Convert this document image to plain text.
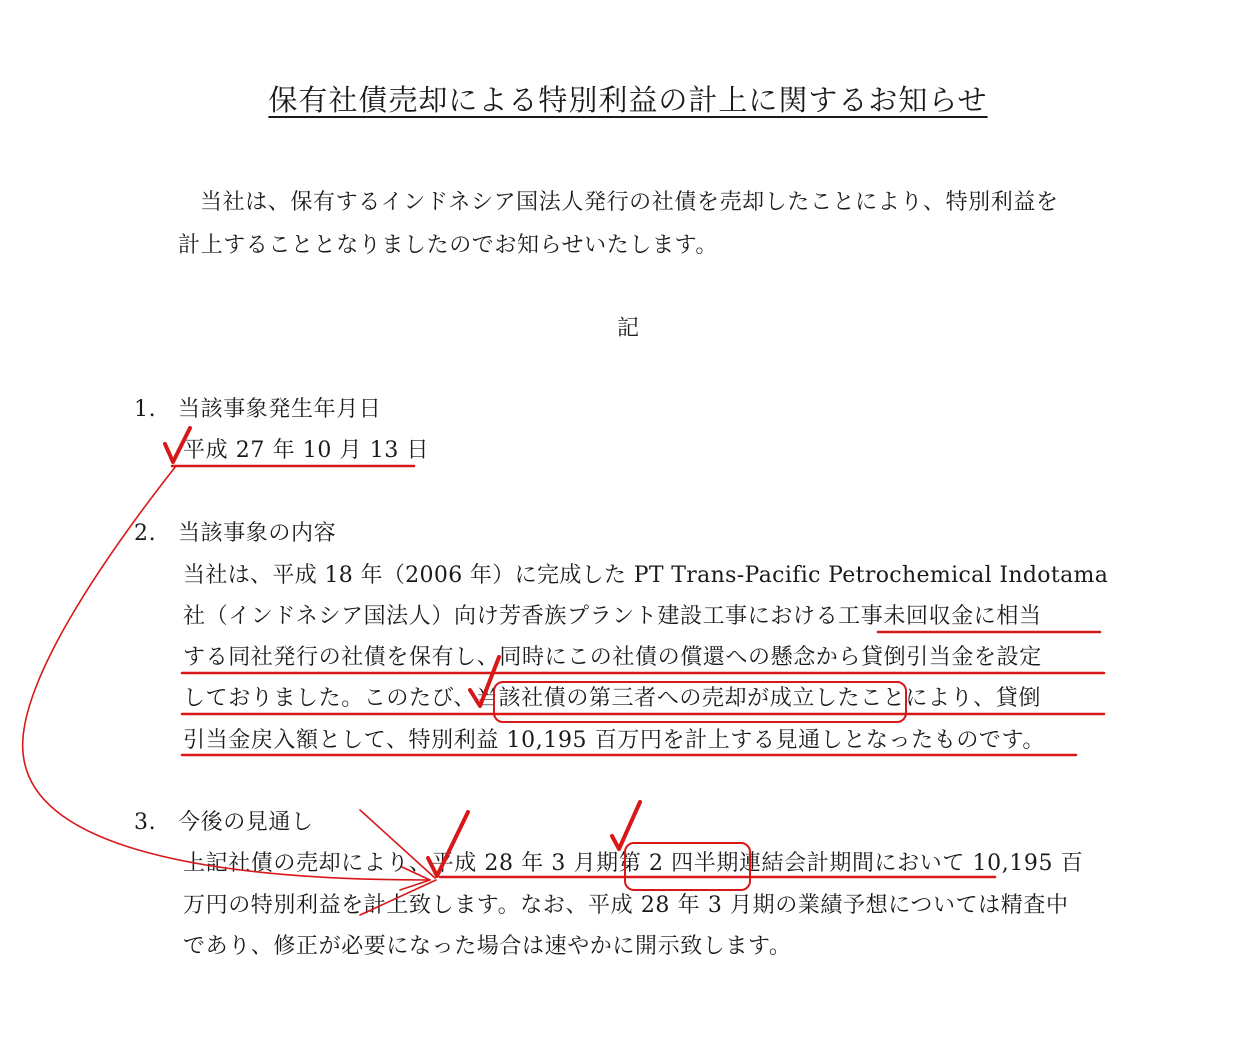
保有社債売却による特別利益の計上に関するお知らせ
当社は、保有するインドネシア国法人発行の社債を売却したことにより、特別利益を
計上することとなりましたのでお知らせいたします。
記
1. 当該事象発生年月日
平成 27 年 10 月 13 日
2. 当該事象の内容
当社は、平成 18 年（2006 年）に完成した PT Trans-Pacific Petrochemical Indotama
社（インドネシア国法人）向け芳香族プラント建設工事における工事未回収金に相当
する同社発行の社債を保有し、同時にこの社債の償還への懸念から貸倒引当金を設定
しておりました。このたび、当該社債の第三者への売却が成立したことにより、貸倒
引当金戻入額として、特別利益 10,195 百万円を計上する見通しとなったものです。
3. 今後の見通し
上記社債の売却により、平成 28 年 3 月期第 2 四半期連結会計期間において 10,195 百
万円の特別利益を計上致します。なお、平成 28 年 3 月期の業績予想については精査中
であり、修正が必要になった場合は速やかに開示致します。
